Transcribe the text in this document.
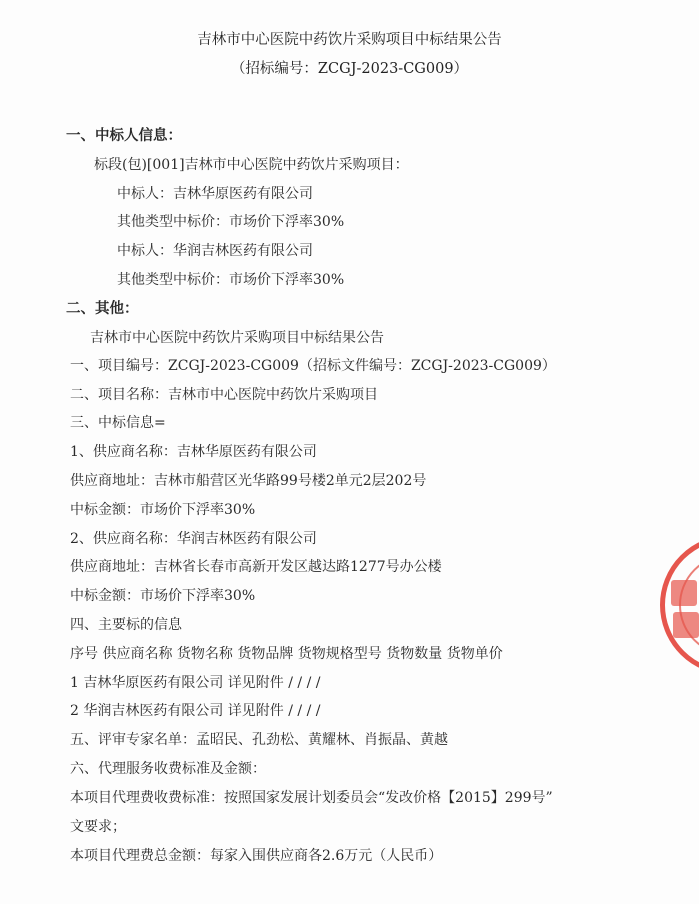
吉林市中心医院中药饮片采购项目中标结果公告
（招标编号：ZCGJ-2023-CG009）
一、中标人信息：
标段(包)[001]吉林市中心医院中药饮片采购项目：
中标人：吉林华原医药有限公司
其他类型中标价：市场价下浮率30%
中标人：华润吉林医药有限公司
其他类型中标价：市场价下浮率30%
二、其他：
吉林市中心医院中药饮片采购项目中标结果公告
一、项目编号：ZCGJ-2023-CG009（招标文件编号：ZCGJ-2023-CG009）
二、项目名称：吉林市中心医院中药饮片采购项目
三、中标信息=
1、供应商名称：吉林华原医药有限公司
供应商地址：吉林市船营区光华路99号楼2单元2层202号
中标金额：市场价下浮率30%
2、供应商名称：华润吉林医药有限公司
供应商地址：吉林省长春市高新开发区越达路1277号办公楼
中标金额：市场价下浮率30%
四、主要标的信息
序号 供应商名称 货物名称 货物品牌 货物规格型号 货物数量 货物单价
1 吉林华原医药有限公司 详见附件 / / / /
2 华润吉林医药有限公司 详见附件 / / / /
五、评审专家名单：孟昭民、孔劲松、黄耀林、肖振晶、黄越
六、代理服务收费标准及金额：
本项目代理费收费标准：按照国家发展计划委员会“发改价格【2015】299号”
文要求；
本项目代理费总金额：每家入围供应商各2.6万元（人民币）
